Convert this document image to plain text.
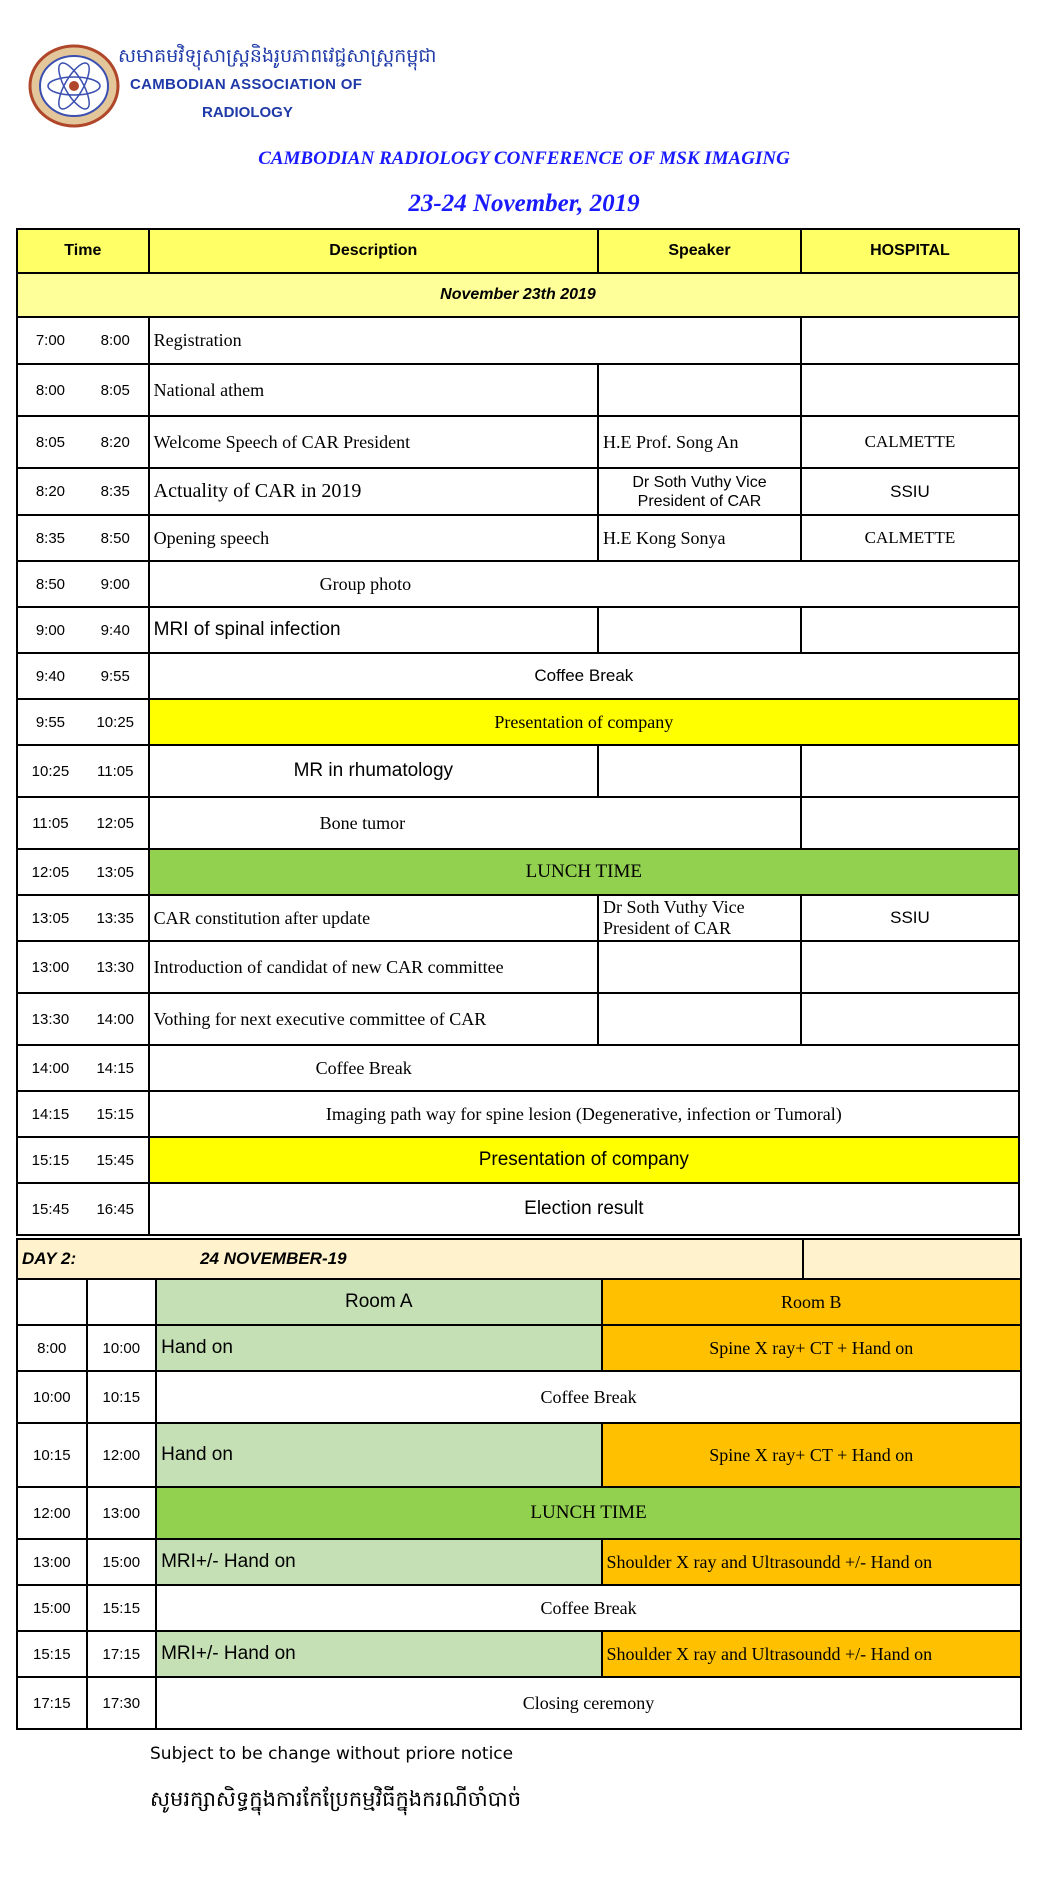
សមាគមវិទ្យុសាស្ត្រនិងរូបភាពវេជ្ជសាស្ត្រកម្ពុជា
CAMBODIAN ASSOCIATION OF
RADIOLOGY
CAMBODIAN RADIOLOGY CONFERENCE OF MSK IMAGING
23-24 November, 2019
Time		Description	Speaker	HOSPITAL
November 23th 2019				
7:00	8:00	Registration		
8:00	8:05	National athem		
8:05	8:20	Welcome Speech of CAR President	H.E Prof. Song An	CALMETTE
8:20	8:35	Actuality of CAR in 2019	Dr Soth Vuthy Vice President of CAR	SSIU
8:35	8:50	Opening speech	H.E Kong Sonya	CALMETTE
8:50	9:00	Group photo		
9:00	9:40	MRI of spinal infection		
9:40	9:55	Coffee Break		
9:55	10:25	Presentation of company		
10:25	11:05	MR in rhumatology		
11:05	12:05	Bone tumor		
12:05	13:05	LUNCH TIME		
13:05	13:35	CAR constitution after update	Dr Soth Vuthy Vice President of CAR	SSIU
13:00	13:30	Introduction of candidat of new CAR committee		
13:30	14:00	Vothing for next executive committee of CAR		
14:00	14:15	Coffee Break		
14:15	15:15	Imaging path way for spine lesion (Degenerative, infection or Tumoral)		
15:15	15:45	Presentation of company		
15:45	16:45	Election result		
DAY 2:		24 NOVEMBER-19		
		Room A	Room B	
8:00	10:00	Hand on	Spine X ray+ CT + Hand on	
10:00	10:15	Coffee Break		
10:15	12:00	Hand on	Spine X ray+ CT + Hand on	
12:00	13:00	LUNCH TIME		
13:00	15:00	MRI+/- Hand on	Shoulder X ray and Ultrasoundd +/- Hand on	
15:00	15:15	Coffee Break		
15:15	17:15	MRI+/- Hand on	Shoulder X ray and Ultrasoundd +/- Hand on	
17:15	17:30	Closing ceremony		
Subject to be change without priore notice
សូមរក្សាសិទ្ធក្នុងការកែប្រែកម្មវិធីក្នុងករណីចាំបាច់
